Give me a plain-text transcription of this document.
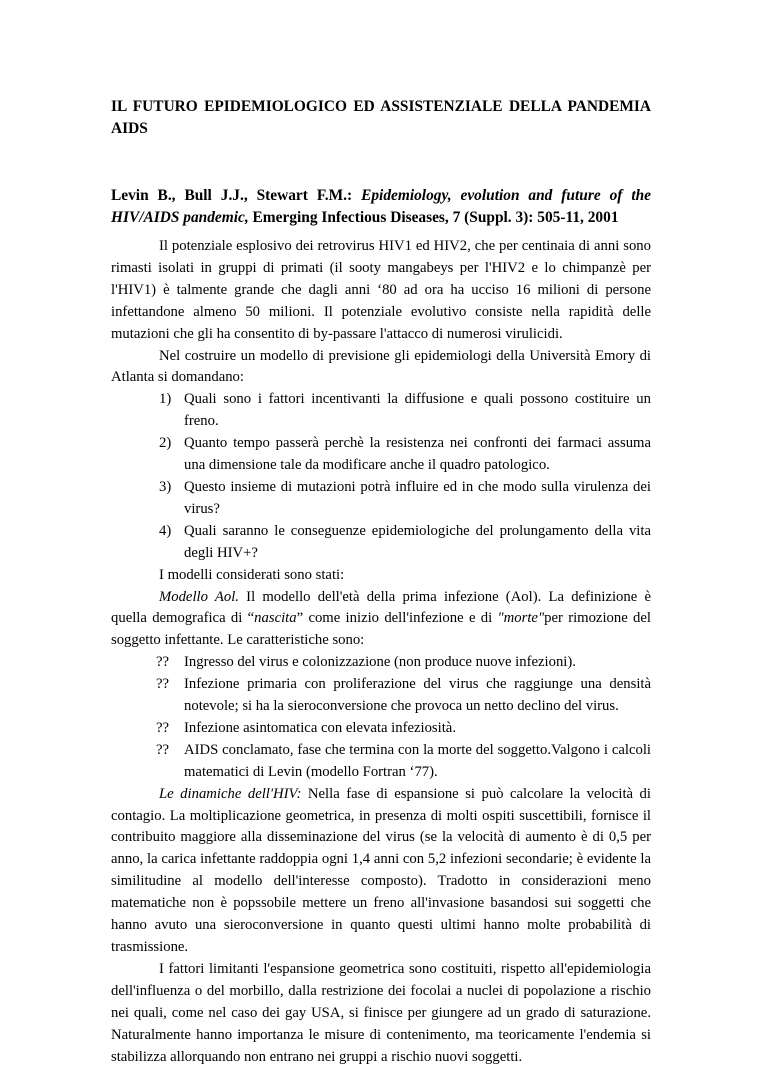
IL FUTURO EPIDEMIOLOGICO ED ASSISTENZIALE DELLA PANDEMIA AIDS

Levin B., Bull J.J., Stewart F.M.: Epidemiology, evolution and future of the HIV/AIDS pandemic, Emerging Infectious Diseases, 7 (Suppl. 3): 505-11, 2001

Il potenziale esplosivo dei retrovirus HIV1 ed HIV2, che per centinaia di anni sono rimasti isolati in gruppi di primati (il sooty mangabeys per l'HIV2 e lo chimpanzè per l'HIV1) è talmente grande che dagli anni ‘80 ad ora ha ucciso 16 milioni di persone infettandone almeno 50 milioni. Il potenziale evolutivo consiste nella rapidità delle mutazioni che gli ha consentito di by-passare l'attacco di numerosi virulicidi.

Nel costruire un modello di previsione gli epidemiologi della Università Emory di Atlanta si domandano:

1) Quali sono i fattori incentivanti la diffusione e quali possono costituire un freno.
2) Quanto tempo passerà perchè la resistenza nei confronti dei farmaci assuma una dimensione tale da modificare anche il quadro patologico.
3) Questo insieme di mutazioni potrà influire ed in che modo sulla virulenza dei virus?
4) Quali saranno le conseguenze epidemiologiche del prolungamento della vita degli HIV+?

I modelli considerati sono stati:

Modello Aol. Il modello dell'età della prima infezione (Aol). La definizione è quella demografica di “nascita” come inizio dell'infezione e di "morte"per rimozione del soggetto infettante. Le caratteristiche sono:

?? Ingresso del virus e colonizzazione (non produce nuove infezioni).
?? Infezione primaria con proliferazione del virus che raggiunge una densità notevole; si ha la sieroconversione che provoca un netto declino del virus.
?? Infezione asintomatica con elevata infeziosità.
?? AIDS conclamato, fase che termina con la morte del soggetto.Valgono i calcoli matematici di Levin (modello Fortran ‘77).

Le dinamiche dell'HIV: Nella fase di espansione si può calcolare la velocità di contagio. La moltiplicazione geometrica, in presenza di molti ospiti suscettibili, fornisce il contribuito maggiore alla disseminazione del virus (se la velocità di aumento è di 0,5 per anno, la carica infettante raddoppia ogni 1,4 anni con 5,2 infezioni secondarie; è evidente la similitudine al modello dell'interesse composto). Tradotto in considerazioni meno matematiche non è popssobile mettere un freno all'invasione basandosi sui soggetti che hanno avuto una sieroconversione in quanto questi ultimi hanno molte probabilità di trasmissione.

I fattori limitanti l'espansione geometrica sono costituiti, rispetto all'epidemiologia dell'influenza o del morbillo, dalla restrizione dei focolai a nuclei di popolazione a rischio nei quali, come nel caso dei gay USA, si finisce per giungere ad un grado di saturazione. Naturalmente hanno importanza le misure di contenimento, ma teoricamente l'endemia si stabilizza allorquando non entrano nei gruppi a rischio nuovi soggetti.
